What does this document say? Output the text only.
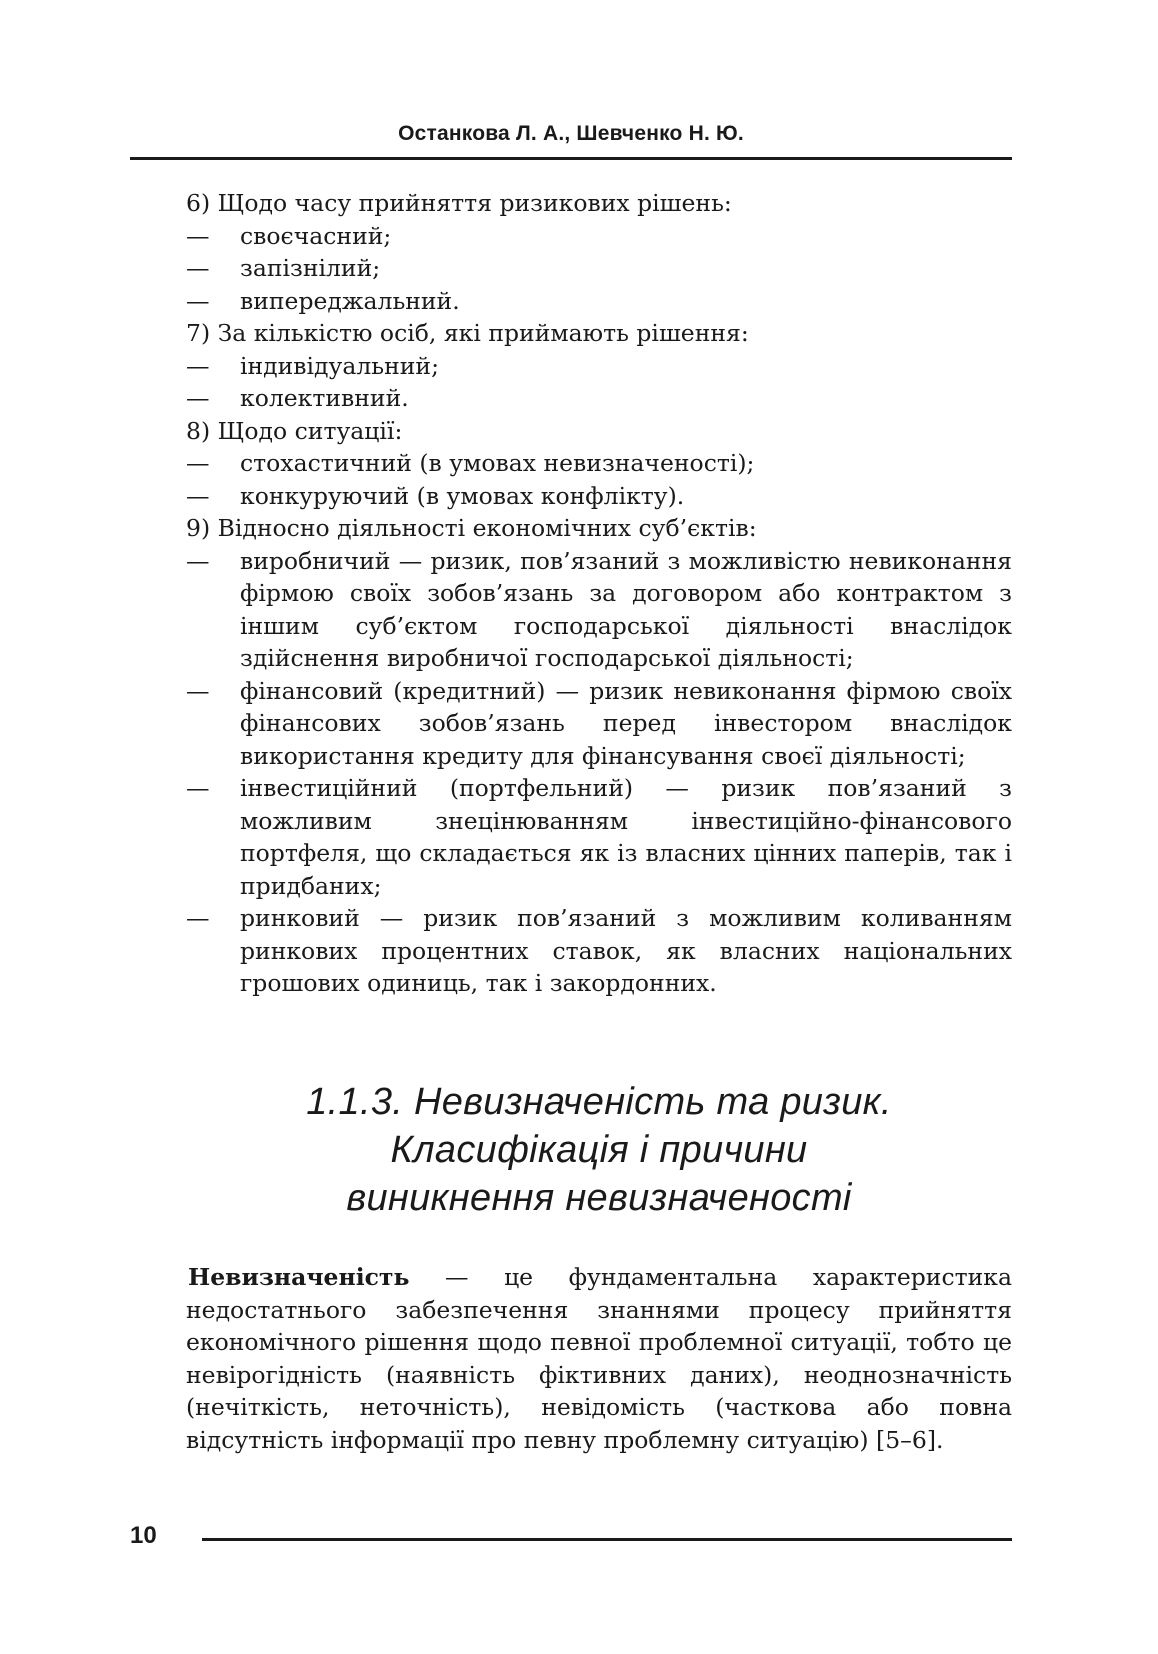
Останкова Л. А., Шевченко Н. Ю.
6) Щодо часу прийняття ризикових рішень:
— своєчасний;
— запізнілий;
— випереджальний.
7) За кількістю осіб, які приймають рішення:
— індивідуальний;
— колективний.
8) Щодо ситуації:
— стохастичний (в умовах невизначеності);
— конкуруючий (в умовах конфлікту).
9) Відносно діяльності економічних суб’єктів:
— виробничий — ризик, пов’язаний з можливістю невиконання фірмою своїх зобов’язань за договором або контрактом з іншим суб’єктом господарської діяльності внаслідок здійснення виробничої господарської діяльності;
— фінансовий (кредитний) — ризик невиконання фірмою своїх фінансових зобов’язань перед інвестором внаслідок використання кредиту для фінансування своєї діяльності;
— інвестиційний (портфельний) — ризик пов’язаний з можливим знецінюванням інвестиційно-фінансового портфеля, що складається як із власних цінних паперів, так і придбаних;
— ринковий — ризик пов’язаний з можливим коливанням ринкових процентних ставок, як власних національних грошових одиниць, так і закордонних.
1.1.3. Невизначеність та ризик.
Класифікація і причини
виникнення невизначеності
Невизначеність — це фундаментальна характеристика недостатнього забезпечення знаннями процесу прийняття економічного рішення щодо певної проблемної ситуації, тобто це невірогідність (наявність фіктивних даних), неоднозначність (нечіткість, неточність), невідомість (часткова або повна відсутність інформації про певну проблемну ситуацію) [5–6].
10
